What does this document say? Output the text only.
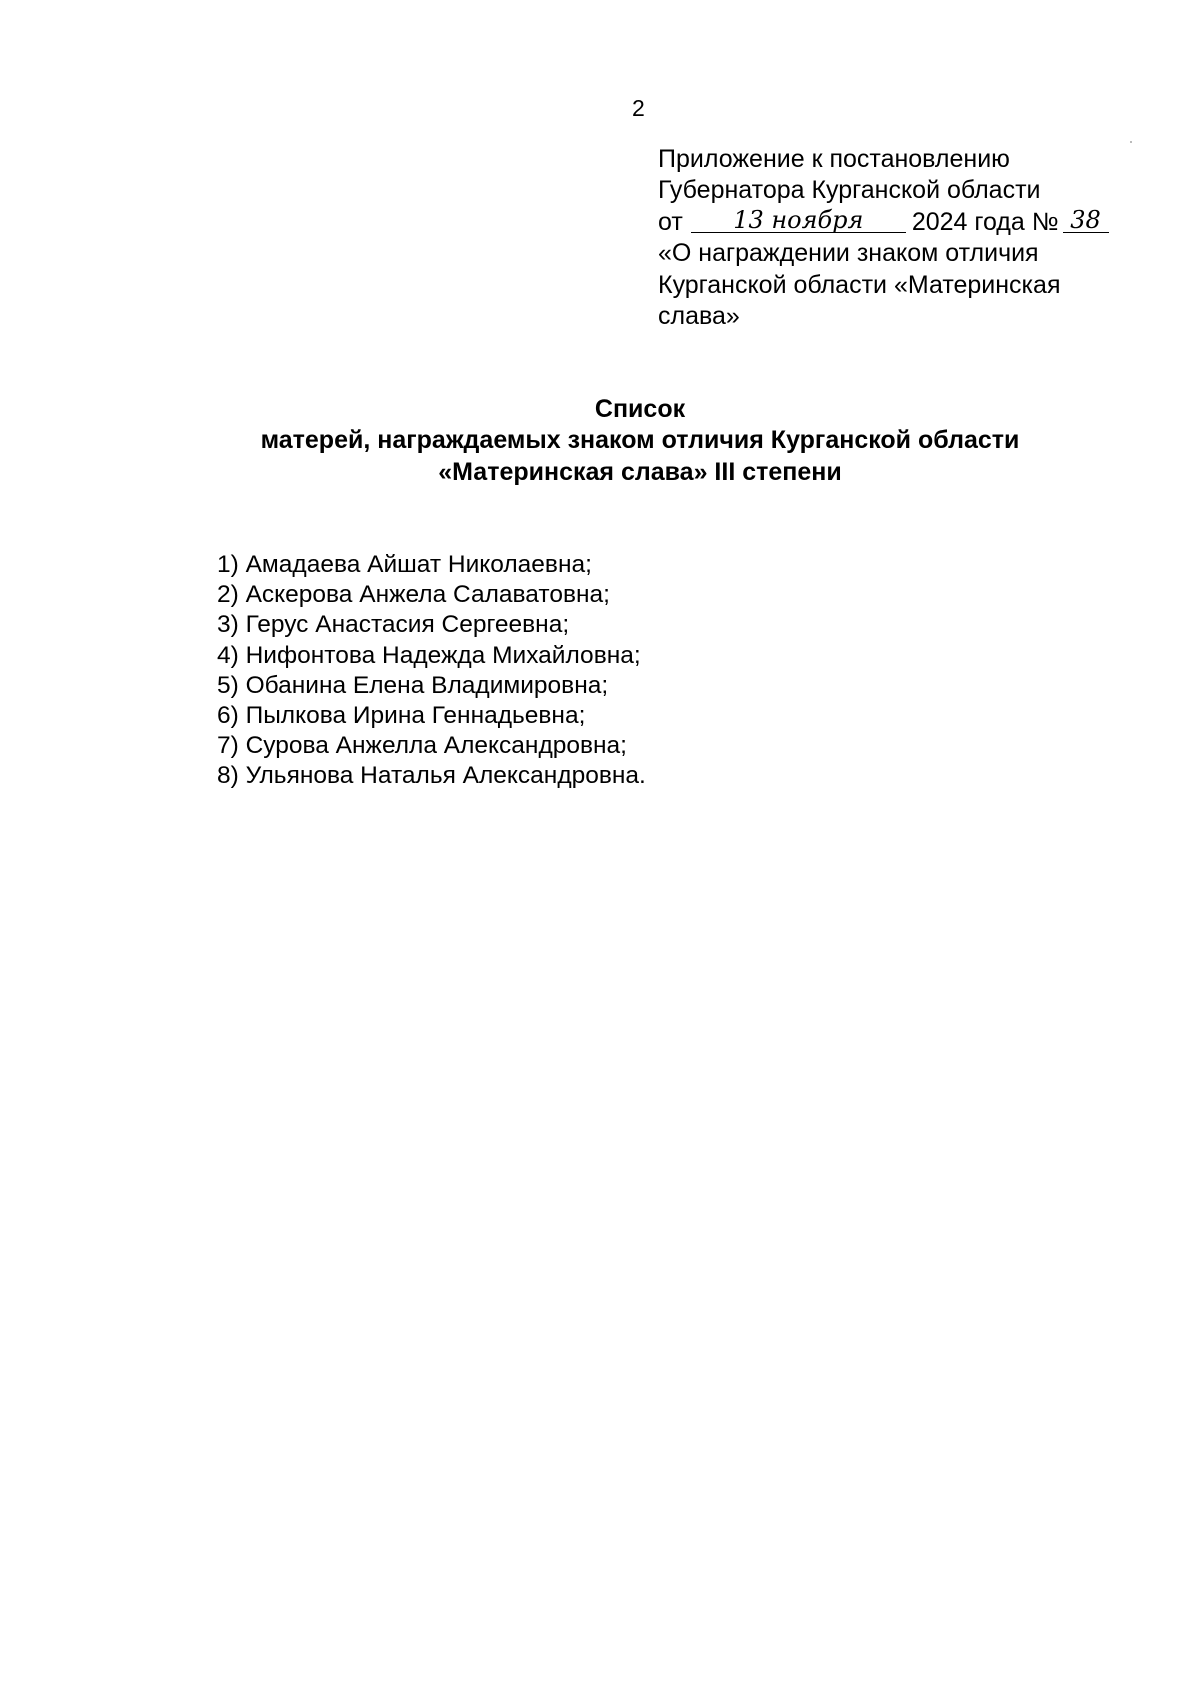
2
Приложение к постановлению
Губернатора Курганской области
от 13 ноября 2024 года № 38
«О награждении знаком отличия
Курганской области «Материнская
слава»
Список
матерей, награждаемых знаком отличия Курганской области
«Материнская слава» III степени
1) Амадаева Айшат Николаевна;
2) Аскерова Анжела Салаватовна;
3) Герус Анастасия Сергеевна;
4) Нифонтова Надежда Михайловна;
5) Обанина Елена Владимировна;
6) Пылкова Ирина Геннадьевна;
7) Сурова Анжелла Александровна;
8) Ульянова Наталья Александровна.
